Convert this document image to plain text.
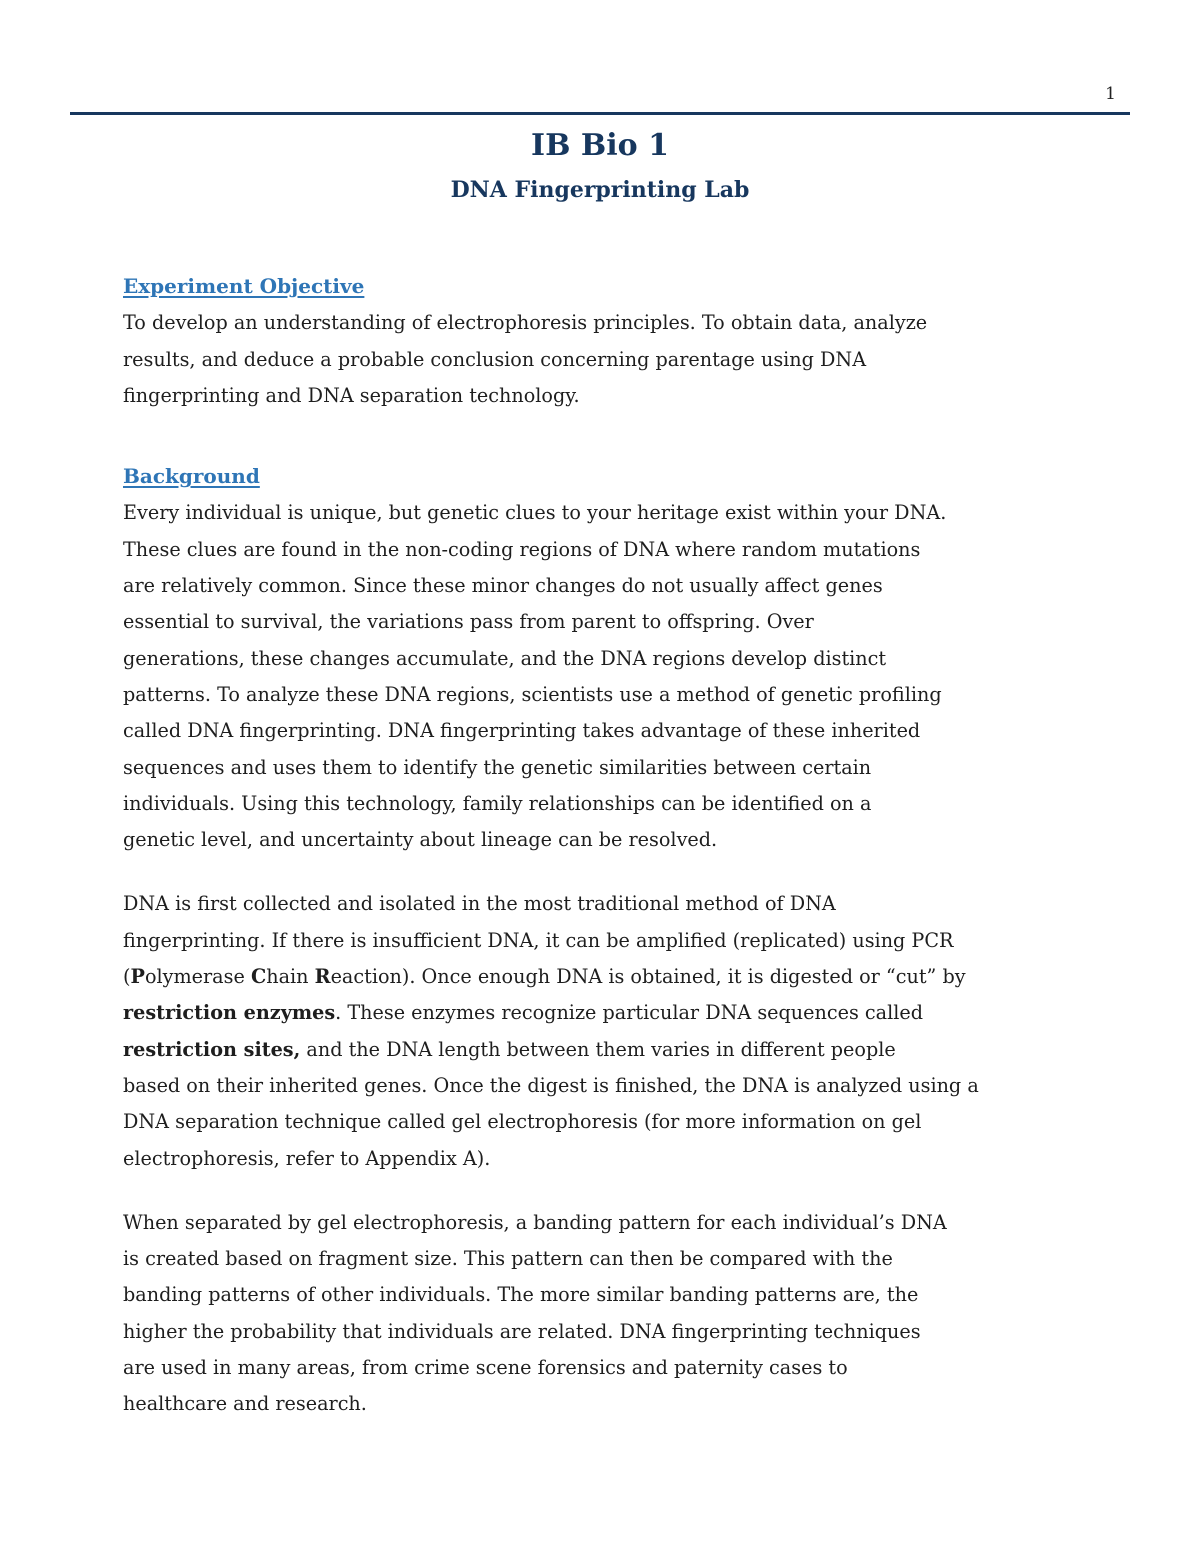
1
IB Bio 1
DNA Fingerprinting Lab
Experiment Objective
To develop an understanding of electrophoresis principles. To obtain data, analyze
results, and deduce a probable conclusion concerning parentage using DNA
fingerprinting and DNA separation technology.
Background
Every individual is unique, but genetic clues to your heritage exist within your DNA.
These clues are found in the non-coding regions of DNA where random mutations
are relatively common. Since these minor changes do not usually affect genes
essential to survival, the variations pass from parent to offspring. Over
generations, these changes accumulate, and the DNA regions develop distinct
patterns. To analyze these DNA regions, scientists use a method of genetic profiling
called DNA fingerprinting. DNA fingerprinting takes advantage of these inherited
sequences and uses them to identify the genetic similarities between certain
individuals. Using this technology, family relationships can be identified on a
genetic level, and uncertainty about lineage can be resolved.
DNA is first collected and isolated in the most traditional method of DNA
fingerprinting. If there is insufficient DNA, it can be amplified (replicated) using PCR
(Polymerase Chain Reaction). Once enough DNA is obtained, it is digested or “cut” by
restriction enzymes. These enzymes recognize particular DNA sequences called
restriction sites, and the DNA length between them varies in different people
based on their inherited genes. Once the digest is finished, the DNA is analyzed using a
DNA separation technique called gel electrophoresis (for more information on gel
electrophoresis, refer to Appendix A).
When separated by gel electrophoresis, a banding pattern for each individual’s DNA
is created based on fragment size. This pattern can then be compared with the
banding patterns of other individuals. The more similar banding patterns are, the
higher the probability that individuals are related. DNA fingerprinting techniques
are used in many areas, from crime scene forensics and paternity cases to
healthcare and research.
